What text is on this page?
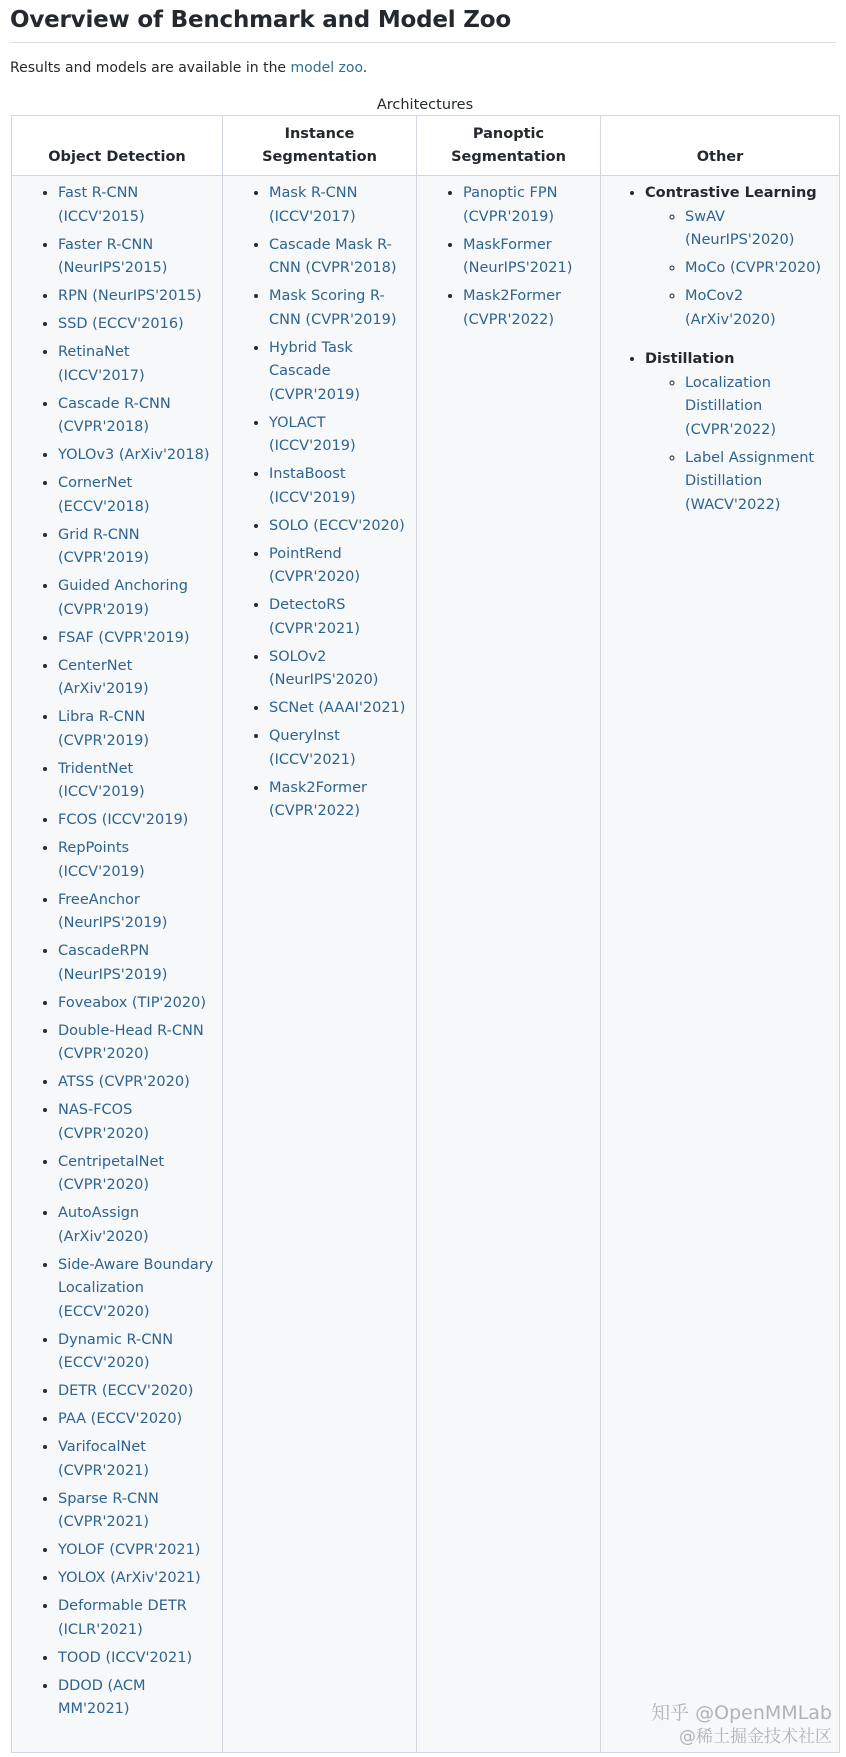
Overview of Benchmark and Model Zoo

Results and models are available in the model zoo.

Architectures
Object Detection	Instance Segmentation	Panoptic Segmentation	Other

• Fast R-CNN (ICCV'2015)
• Faster R-CNN (NeurIPS'2015)
• RPN (NeurIPS'2015)
• SSD (ECCV'2016)
• RetinaNet (ICCV'2017)
• Cascade R-CNN (CVPR'2018)
• YOLOv3 (ArXiv'2018)
• CornerNet (ECCV'2018)
• Grid R-CNN (CVPR'2019)
• Guided Anchoring (CVPR'2019)
• FSAF (CVPR'2019)
• CenterNet (ArXiv'2019)
• Libra R-CNN (CVPR'2019)
• TridentNet (ICCV'2019)
• FCOS (ICCV'2019)
• RepPoints (ICCV'2019)
• FreeAnchor (NeurIPS'2019)
• CascadeRPN (NeurIPS'2019)
• Foveabox (TIP'2020)
• Double-Head R-CNN (CVPR'2020)
• ATSS (CVPR'2020)
• NAS-FCOS (CVPR'2020)
• CentripetalNet (CVPR'2020)
• AutoAssign (ArXiv'2020)
• Side-Aware Boundary Localization (ECCV'2020)
• Dynamic R-CNN (ECCV'2020)
• DETR (ECCV'2020)
• PAA (ECCV'2020)
• VarifocalNet (CVPR'2021)
• Sparse R-CNN (CVPR'2021)
• YOLOF (CVPR'2021)
• YOLOX (ArXiv'2021)
• Deformable DETR (ICLR'2021)
• TOOD (ICCV'2021)
• DDOD (ACM MM'2021)

• Mask R-CNN (ICCV'2017)
• Cascade Mask R-CNN (CVPR'2018)
• Mask Scoring R-CNN (CVPR'2019)
• Hybrid Task Cascade (CVPR'2019)
• YOLACT (ICCV'2019)
• InstaBoost (ICCV'2019)
• SOLO (ECCV'2020)
• PointRend (CVPR'2020)
• DetectoRS (CVPR'2021)
• SOLOv2 (NeurIPS'2020)
• SCNet (AAAI'2021)
• QueryInst (ICCV'2021)
• Mask2Former (CVPR'2022)

• Panoptic FPN (CVPR'2019)
• MaskFormer (NeurIPS'2021)
• Mask2Former (CVPR'2022)

• Contrastive Learning
◦ SwAV (NeurIPS'2020)
◦ MoCo (CVPR'2020)
◦ MoCov2 (ArXiv'2020)
• Distillation
◦ Localization Distillation (CVPR'2022)
◦ Label Assignment Distillation (WACV'2022)
知乎 @OpenMMLab
@稀土掘金技术社区
